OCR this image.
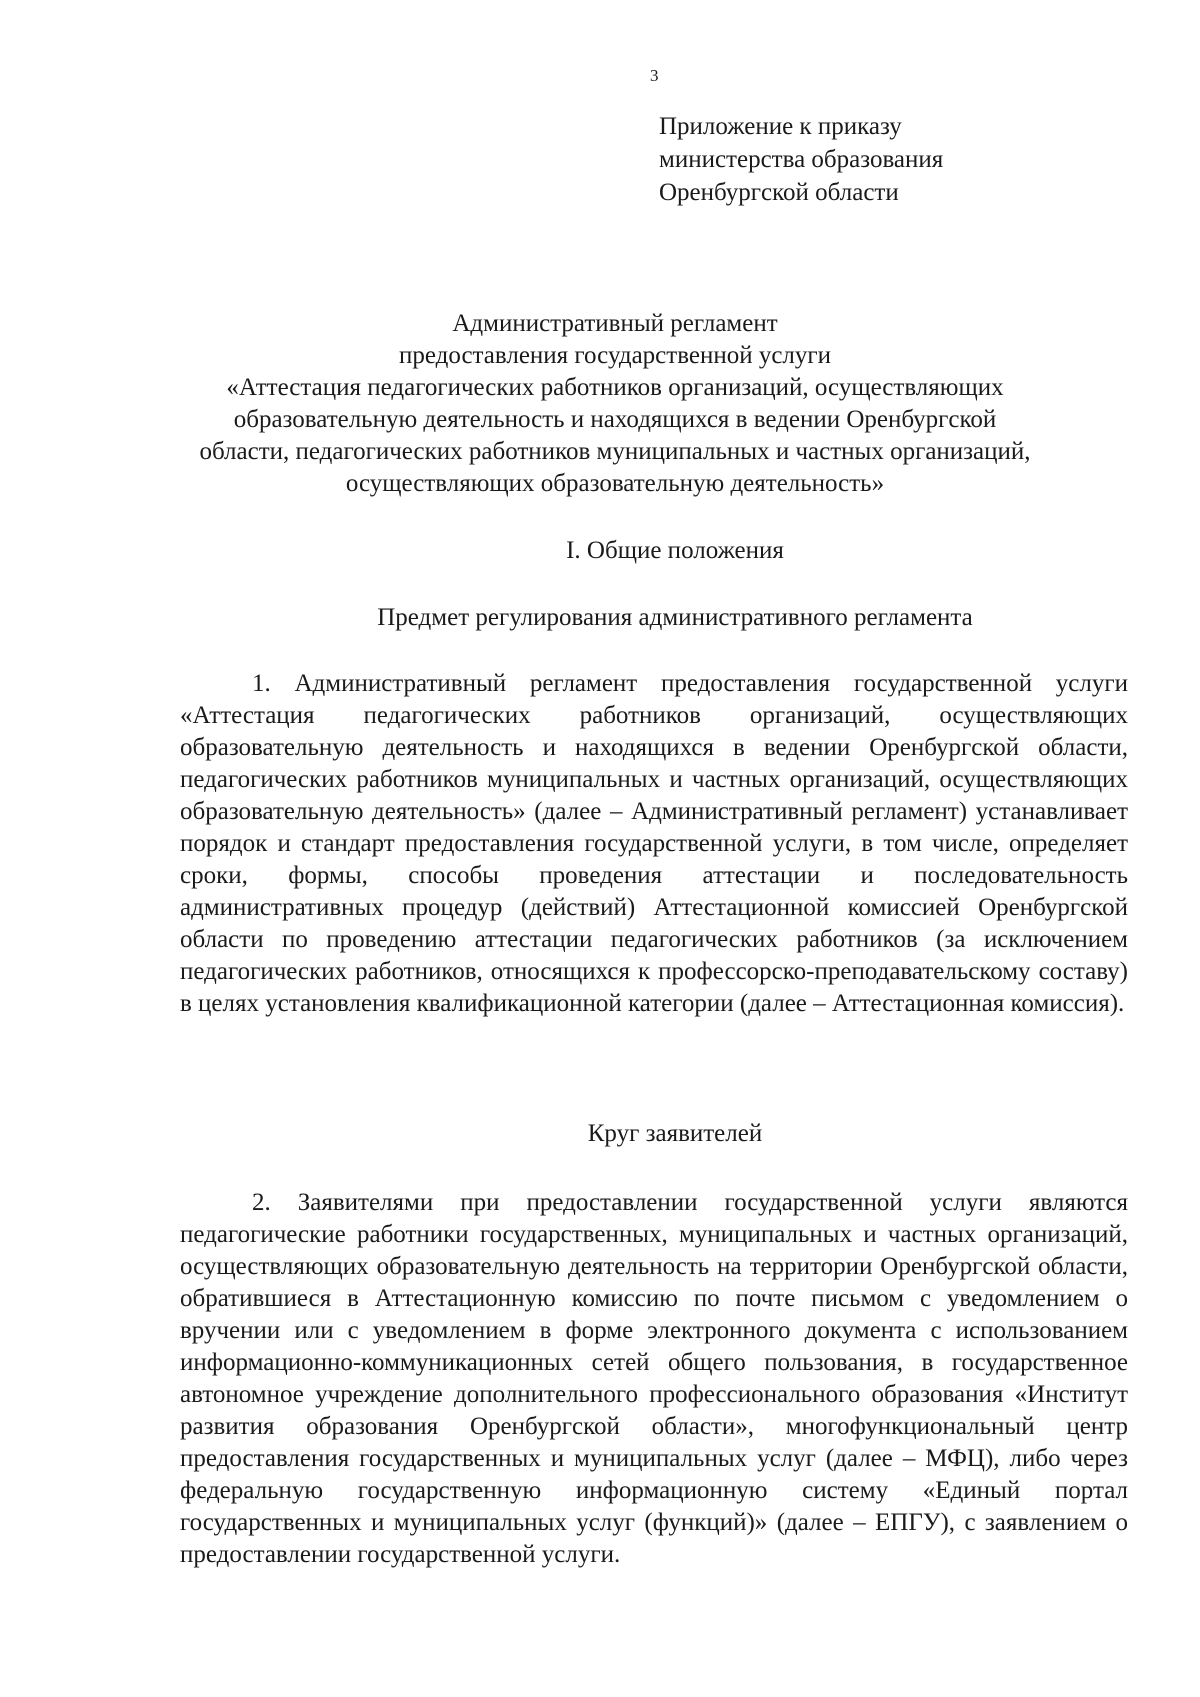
3
Приложение к приказу
министерства образования
Оренбургской области
Административный регламент
предоставления государственной услуги
«Аттестация педагогических работников организаций, осуществляющих
образовательную деятельность и находящихся в ведении Оренбургской
области, педагогических работников муниципальных и частных организаций,
осуществляющих образовательную деятельность»
I. Общие положения
Предмет регулирования административного регламента
1. Административный регламент предоставления государственной услуги «Аттестация педагогических работников организаций, осуществляющих образовательную деятельность и находящихся в ведении Оренбургской области, педагогических работников муниципальных и частных организаций, осуществляющих образовательную деятельность» (далее – Административный регламент) устанавливает порядок и стандарт предоставления государственной услуги, в том числе, определяет сроки, формы, способы проведения аттестации и последовательность административных процедур (действий) Аттестационной комиссией Оренбургской области по проведению аттестации педагогических работников (за исключением педагогических работников, относящихся к профессорско-преподавательскому составу) в целях установления квалификационной категории (далее – Аттестационная комиссия).
Круг заявителей
2. Заявителями при предоставлении государственной услуги являются педагогические работники государственных, муниципальных и частных организаций, осуществляющих образовательную деятельность на территории Оренбургской области, обратившиеся в Аттестационную комиссию по почте письмом с уведомлением о вручении или с уведомлением в форме электронного документа с использованием информационно-коммуникационных сетей общего пользования, в государственное автономное учреждение дополнительного профессионального образования «Институт развития образования Оренбургской области», многофункциональный центр предоставления государственных и муниципальных услуг (далее – МФЦ), либо через федеральную государственную информационную систему «Единый портал государственных и муниципальных услуг (функций)» (далее – ЕПГУ), с заявлением о предоставлении государственной услуги.
